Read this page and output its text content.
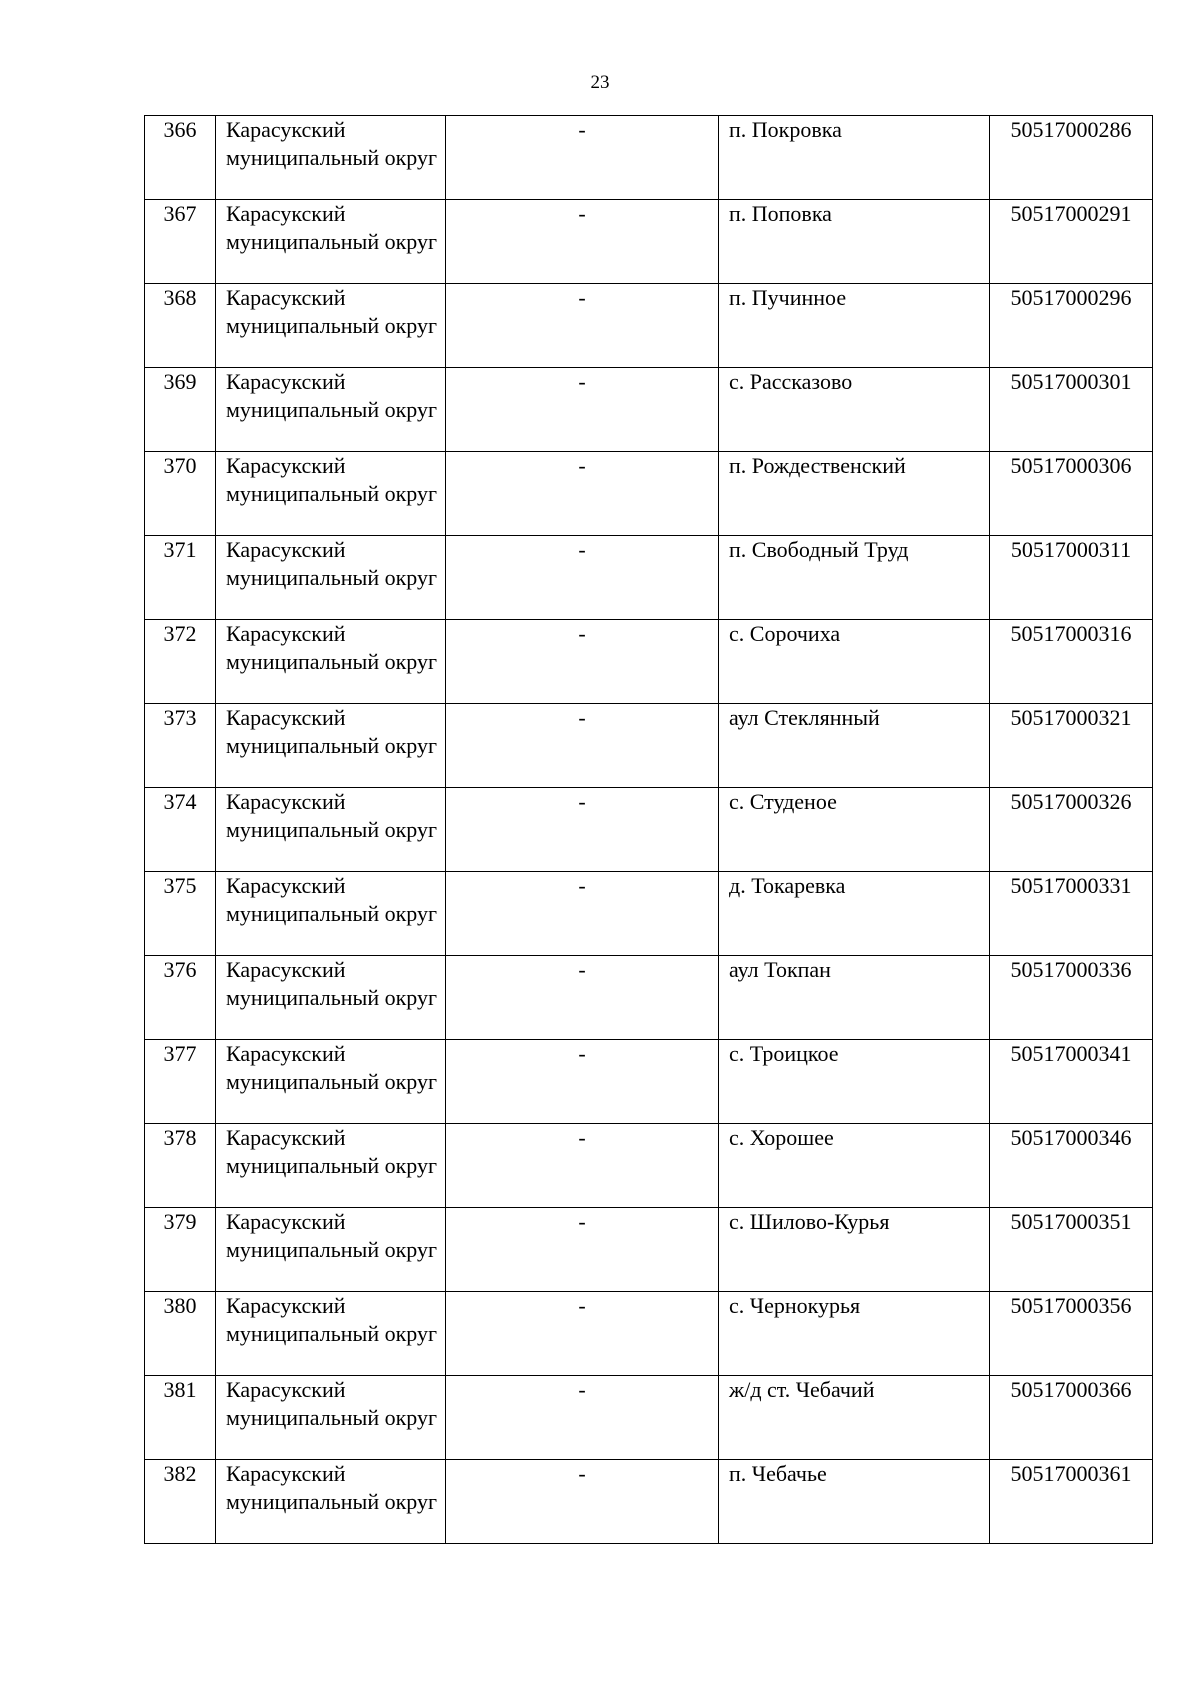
23
366	Карасукский муниципальный округ	-	п. Покровка	50517000286

367	Карасукский муниципальный округ	-	п. Поповка	50517000291

368	Карасукский муниципальный округ	-	п. Пучинное	50517000296

369	Карасукский муниципальный округ	-	с. Рассказово	50517000301

370	Карасукский муниципальный округ	-	п. Рождественский	50517000306

371	Карасукский муниципальный округ	-	п. Свободный Труд	50517000311

372	Карасукский муниципальный округ	-	с. Сорочиха	50517000316

373	Карасукский муниципальный округ	-	аул Стеклянный	50517000321

374	Карасукский муниципальный округ	-	с. Студеное	50517000326

375	Карасукский муниципальный округ	-	д. Токаревка	50517000331

376	Карасукский муниципальный округ	-	аул Токпан	50517000336

377	Карасукский муниципальный округ	-	с. Троицкое	50517000341

378	Карасукский муниципальный округ	-	с. Хорошее	50517000346

379	Карасукский муниципальный округ	-	с. Шилово-Курья	50517000351

380	Карасукский муниципальный округ	-	с. Чернокурья	50517000356

381	Карасукский муниципальный округ	-	ж/д ст. Чебачий	50517000366

382	Карасукский муниципальный округ	-	п. Чебачье	50517000361
